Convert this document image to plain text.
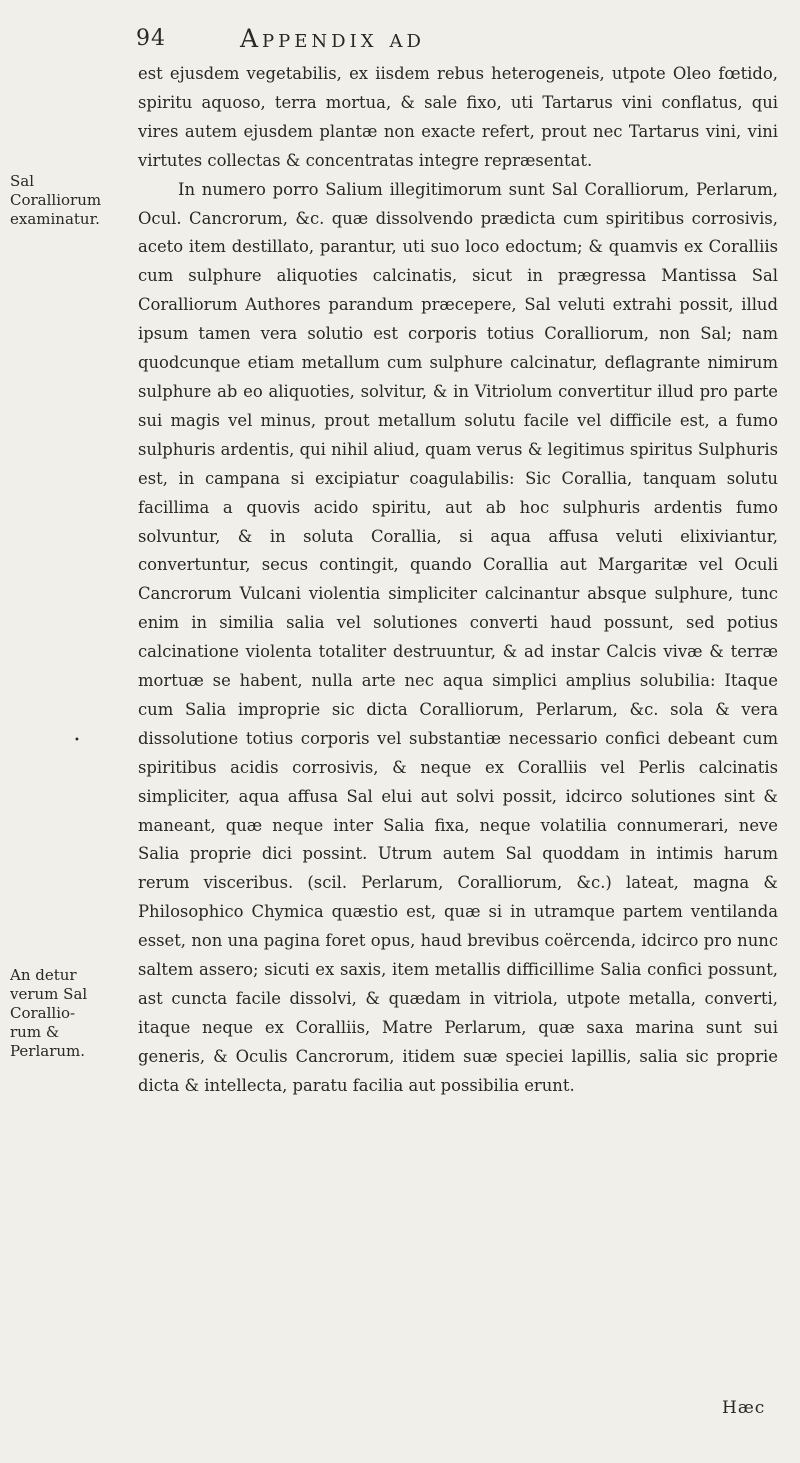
94	Appendix ad
Sal Coralliorum examinatur.
An detur verum Sal Corallio-rum & Perlarum.
•

est ejusdem vegetabilis, ex iisdem rebus heterogeneis, utpote Oleo fœtido, spiritu aquoso, terra mortua, & sale fixo, uti Tartarus vini conflatus, qui vires autem ejusdem plantæ non exacte refert, prout nec Tartarus vini, vini virtutes collectas & concentratas integre repræsentat.

In numero porro Salium illegitimorum sunt Sal Coralliorum, Perlarum, Ocul. Cancrorum, &c. quæ dissolvendo prædicta cum spiritibus corrosivis, aceto item destillato, parantur, uti suo loco edoctum; & quamvis ex Coralliis cum sulphure aliquoties calcinatis, sicut in prægressa Mantissa Sal Coralliorum Authores parandum præcepere, Sal veluti extrahi possit, illud ipsum tamen vera solutio est corporis totius Coralliorum, non Sal; nam quodcunque etiam metallum cum sulphure calcinatur, deflagrante nimirum sulphure ab eo aliquoties, solvitur, & in Vitriolum convertitur illud pro parte sui magis vel minus, prout metallum solutu facile vel difficile est, a fumo sulphuris ardentis, qui nihil aliud, quam verus & legitimus spiritus Sulphuris est, in campana si excipiatur coagulabilis: Sic Corallia, tanquam solutu facillima a quovis acido spiritu, aut ab hoc sulphuris ardentis fumo solvuntur, & in soluta Corallia, si aqua affusa veluti elixiviantur, convertuntur, secus contingit, quando Corallia aut Margaritæ vel Oculi Cancrorum Vulcani violentia simpliciter calcinantur absque sulphure, tunc enim in similia salia vel solutiones converti haud possunt, sed potius calcinatione violenta totaliter destruuntur, & ad instar Calcis vivæ & terræ mortuæ se habent, nulla arte nec aqua simplici amplius solubilia: Itaque cum Salia improprie sic dicta Coralliorum, Perlarum, &c. sola & vera dissolutione totius corporis vel substantiæ necessario confici debeant cum spiritibus acidis corrosivis, & neque ex Coralliis vel Perlis calcinatis simpliciter, aqua affusa Sal elui aut solvi possit, idcirco solutiones sint & maneant, quæ neque inter Salia fixa, neque volatilia connumerari, neve Salia proprie dici possint. Utrum autem Sal quoddam in intimis harum rerum visceribus. (scil. Perlarum, Coralliorum, &c.) lateat, magna & Philosophico Chymica quæstio est, quæ si in utramque partem ventilanda esset, non una pagina foret opus, haud brevibus coërcenda, idcirco pro nunc saltem assero; sicuti ex saxis, item metallis difficillime Salia confici possunt, ast cuncta facile dissolvi, & quædam in vitriola, utpote metalla, converti, itaque neque ex Coralliis, Matre Perlarum, quæ saxa marina sunt sui generis, & Oculis Cancrorum, itidem suæ speciei lapillis, salia sic proprie dicta & intellecta, paratu facilia aut possibilia erunt.

Hæc
